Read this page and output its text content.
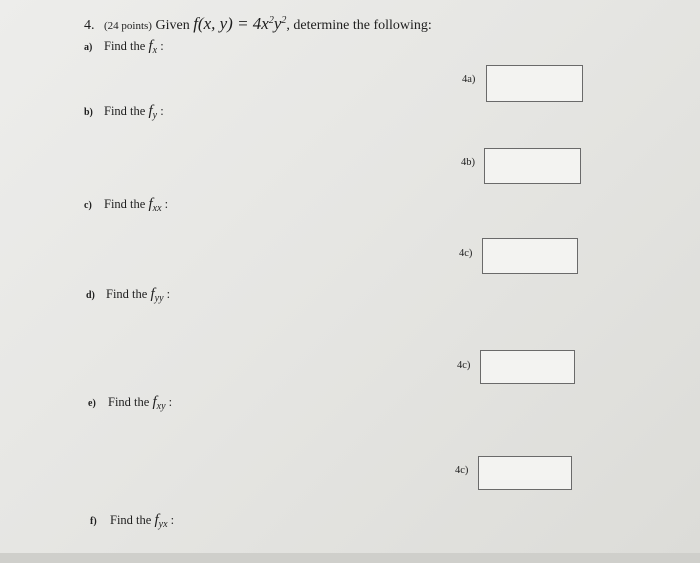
4. (24 points) Given f(x, $y) = 4x^2y^2$, determine the following:
a) Find the $f_x$ :
b) Find the $f_y$ :
c) Find the $f_{xx}$ :
d) Find the $f_{yy}$ :
e) Find the $f_{xy}$ :
f) Find the $f_{yx}$ :
4a)
4b)
4c)
4c)
4c)
